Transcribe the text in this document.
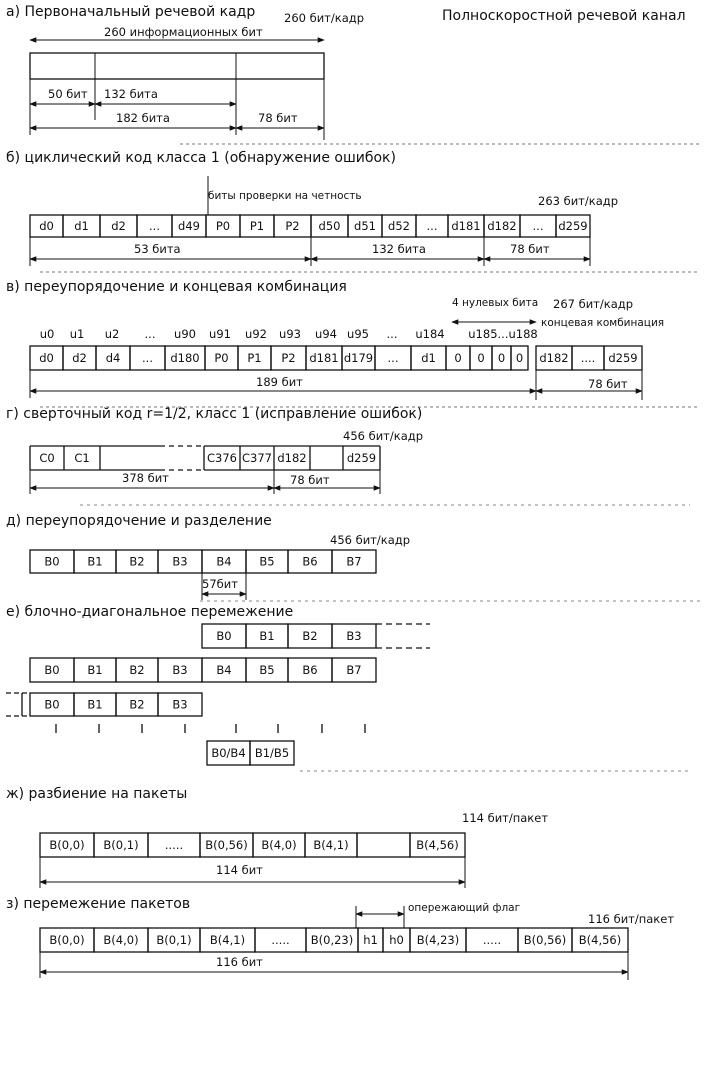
Полноскоростной речевой канал
а) Первоначальный речевой кадр	260 бит/кадр
260 информационных бит
50 бит 132 бита
182 бита	78 бит
б) циклический код класса 1 (обнаружение ошибок)
биты проверки на четность	263 бит/кадр
d0 d1 d2 ... d49 P0 P1 P2 d50 d51 d52 ... d181 d182 ... d259
53 бита	132 бита	78 бит
в) переупорядочение и концевая комбинация
4 нулевых бита 267 бит/кадр
концевая комбинация
u0 u1 u2 ... u90 u91 u92 u93 u94 u95 ... u184 u185...u188
d0 d2 d4 ... d180 P0 P1 P2 d181 d179 ... d1 0 0 0 0 d182 .... d259
189 бит	78 бит
г) сверточный код r=1/2, класс 1 (исправление ошибок)
456 бит/кадр
C0 C1	C376 C377 d182	d259
378 бит	78 бит
д) переупорядочение и разделение
456 бит/кадр
B0 B1 B2 B3	B4 B5 B6	B7
57бит
е) блочно-диагональное перемежение
B0 B1 B2	B3
B0 B1 B2 B3	B4 B5 B6	B7
B0 B1 B2 B3
B0/B4 B1/B5
ж) разбиение на пакеты
114 бит/пакет
B(0,0) B(0,1) ..... B(0,56) B(4,0) B(4,1)	B(4,56)
114 бит
з) перемежение пакетов	опережающий флаг
116 бит/пакет
B(0,0) B(4,0) B(0,1) B(4,1) ..... B(0,23) h1 h0 B(4,23) ..... B(0,56) B(4,56)
116 бит
